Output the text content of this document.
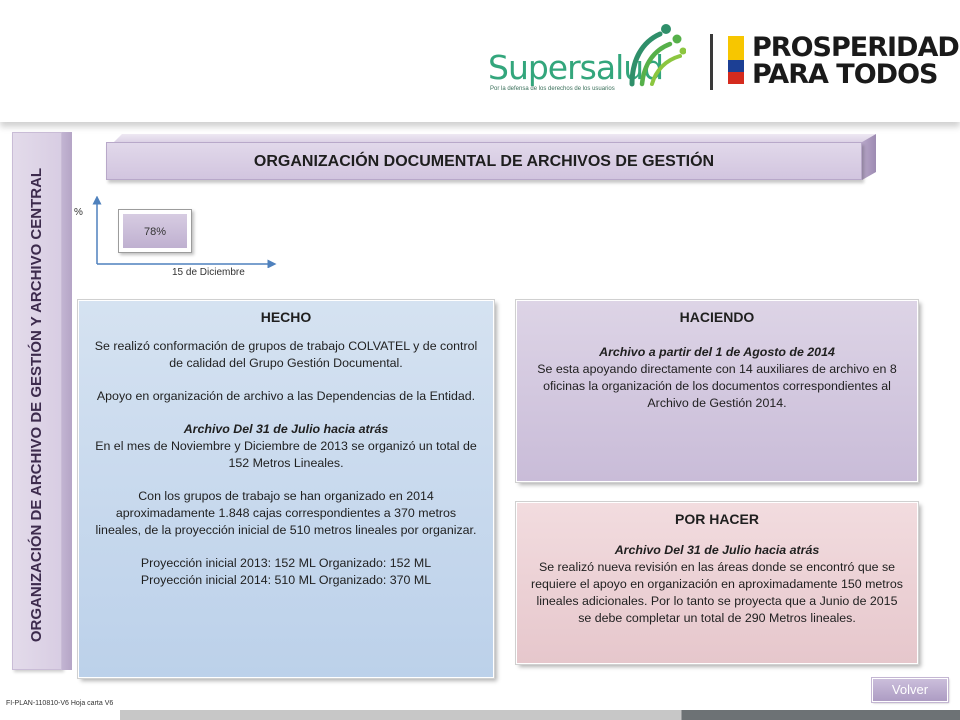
Supersalud
Por la defensa de los derechos de los usuarios
PROSPERIDAD
PARA TODOS
ORGANIZACIÓN DE ARCHIVO DE GESTIÓN Y ARCHIVO CENTRAL
ORGANIZACIÓN DOCUMENTAL DE ARCHIVOS DE GESTIÓN
%
15 de Diciembre
78%
HECHO

Se realizó conformación de grupos de trabajo COLVATEL y de control de calidad del Grupo Gestión Documental.

Apoyo en organización de archivo a las Dependencias de la Entidad.

Archivo Del 31 de Julio hacia atrás

En el mes de Noviembre y Diciembre de 2013 se organizó un total de 152 Metros Lineales.

Con los grupos de trabajo se han organizado en 2014 aproximadamente 1.848 cajas correspondientes a 370 metros lineales, de la proyección inicial de 510 metros lineales por organizar.

Proyección inicial 2013: 152 ML Organizado: 152 ML

Proyección inicial 2014: 510 ML Organizado: 370 ML

HACIENDO

Archivo a partir del 1 de Agosto de 2014

Se esta apoyando directamente con 14 auxiliares de archivo en 8 oficinas la organización de los documentos correspondientes al Archivo de Gestión 2014.

POR HACER

Archivo Del 31 de Julio hacia atrás

Se realizó nueva revisión en las áreas donde se encontró que se requiere el apoyo en organización en aproximadamente 150 metros lineales adicionales. Por lo tanto se proyecta que a Junio de 2015 se debe completar un total de 290 Metros lineales.

FI-PLAN-110810-V6 Hoja carta V6
Volver
